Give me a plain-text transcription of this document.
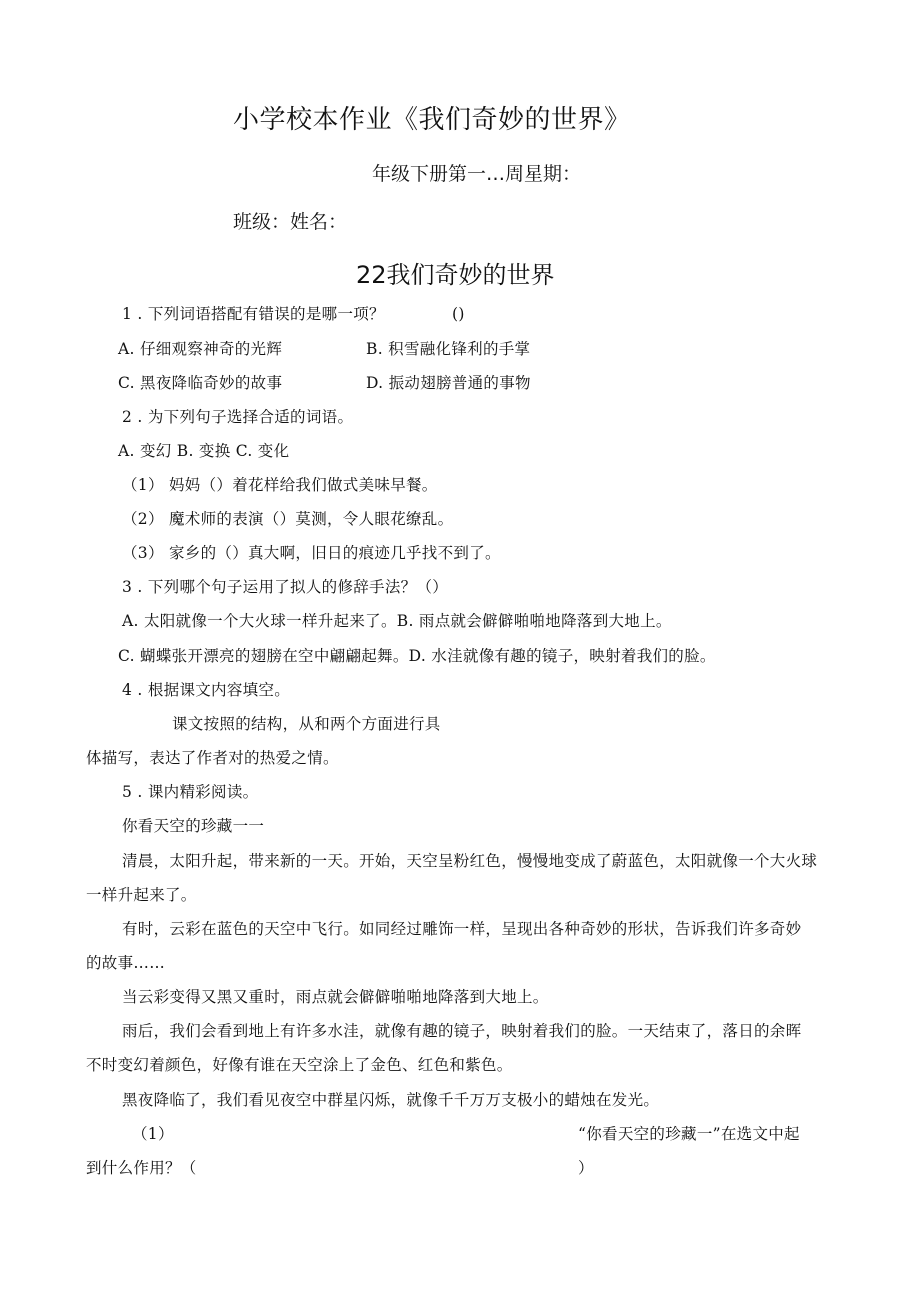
小学校本作业《我们奇妙的世界》
年级下册第一…周星期：
班级：姓名：
22我们奇妙的世界
1 . 下列词语搭配有错误的是哪一项？	()
A. 仔细观察神奇的光辉	B. 积雪融化锋利的手掌
C. 黑夜降临奇妙的故事	D. 振动翅膀普通的事物
2 . 为下列句子选择合适的词语。
A. 变幻 B. 变换 C. 变化
（1） 妈妈（）着花样给我们做式美味早餐。
（2） 魔术师的表演（）莫测，令人眼花缭乱。
（3） 家乡的（）真大啊，旧日的痕迹几乎找不到了。
3 . 下列哪个句子运用了拟人的修辞手法？（）
A. 太阳就像一个大火球一样升起来了。B. 雨点就会僻僻啪啪地降落到大地上。
C. 蝴蝶张开漂亮的翅膀在空中翩翩起舞。D. 水洼就像有趣的镜子，映射着我们的脸。
4 . 根据课文内容填空。
课文按照的结构，从和两个方面进行具
体描写，表达了作者对的热爱之情。
5 . 课内精彩阅读。
你看天空的珍藏一一
清晨，太阳升起，带来新的一天。开始，天空呈粉红色，慢慢地变成了蔚蓝色，太阳就像一个大火球
一样升起来了。
有时，云彩在蓝色的天空中飞行。如同经过雕饰一样，呈现出各种奇妙的形状，告诉我们许多奇妙
的故事……
当云彩变得又黑又重时，雨点就会僻僻啪啪地降落到大地上。
雨后，我们会看到地上有许多水洼，就像有趣的镜子，映射着我们的脸。一天结束了，落日的余晖
不时变幻着颜色，好像有谁在天空涂上了金色、红色和紫色。
黑夜降临了，我们看见夜空中群星闪烁，就像千千万万支极小的蜡烛在发光。
（1）	“你看天空的珍藏一”在选文中起
到什么作用？（	）
